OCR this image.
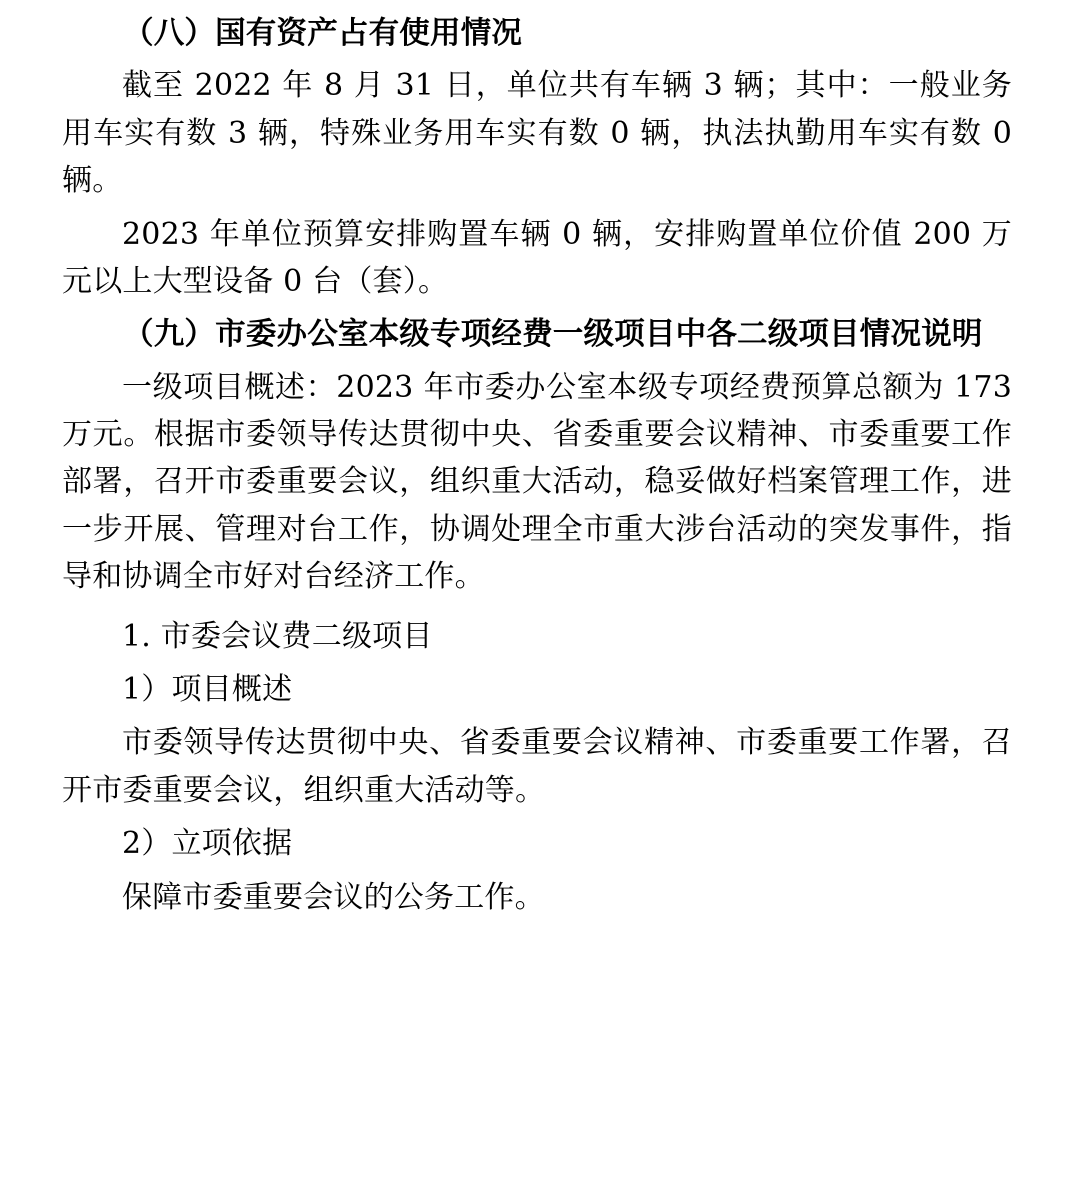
（八）国有资产占有使用情况
截至 2022 年 8 月 31 日，单位共有车辆 3 辆；其中：一般业务用车实有数 3 辆，特殊业务用车实有数 0 辆，执法执勤用车实有数 0 辆。
2023 年单位预算安排购置车辆 0 辆，安排购置单位价值 200 万元以上大型设备 0 台（套）。
（九）市委办公室本级专项经费一级项目中各二级项目情况说明
一级项目概述：2023 年市委办公室本级专项经费预算总额为 173 万元。根据市委领导传达贯彻中央、省委重要会议精神、市委重要工作部署，召开市委重要会议，组织重大活动，稳妥做好档案管理工作，进一步开展、管理对台工作，协调处理全市重大涉台活动的突发事件，指导和协调全市好对台经济工作。
1. 市委会议费二级项目
1）项目概述
市委领导传达贯彻中央、省委重要会议精神、市委重要工作署，召开市委重要会议，组织重大活动等。
2）立项依据
保障市委重要会议的公务工作。
